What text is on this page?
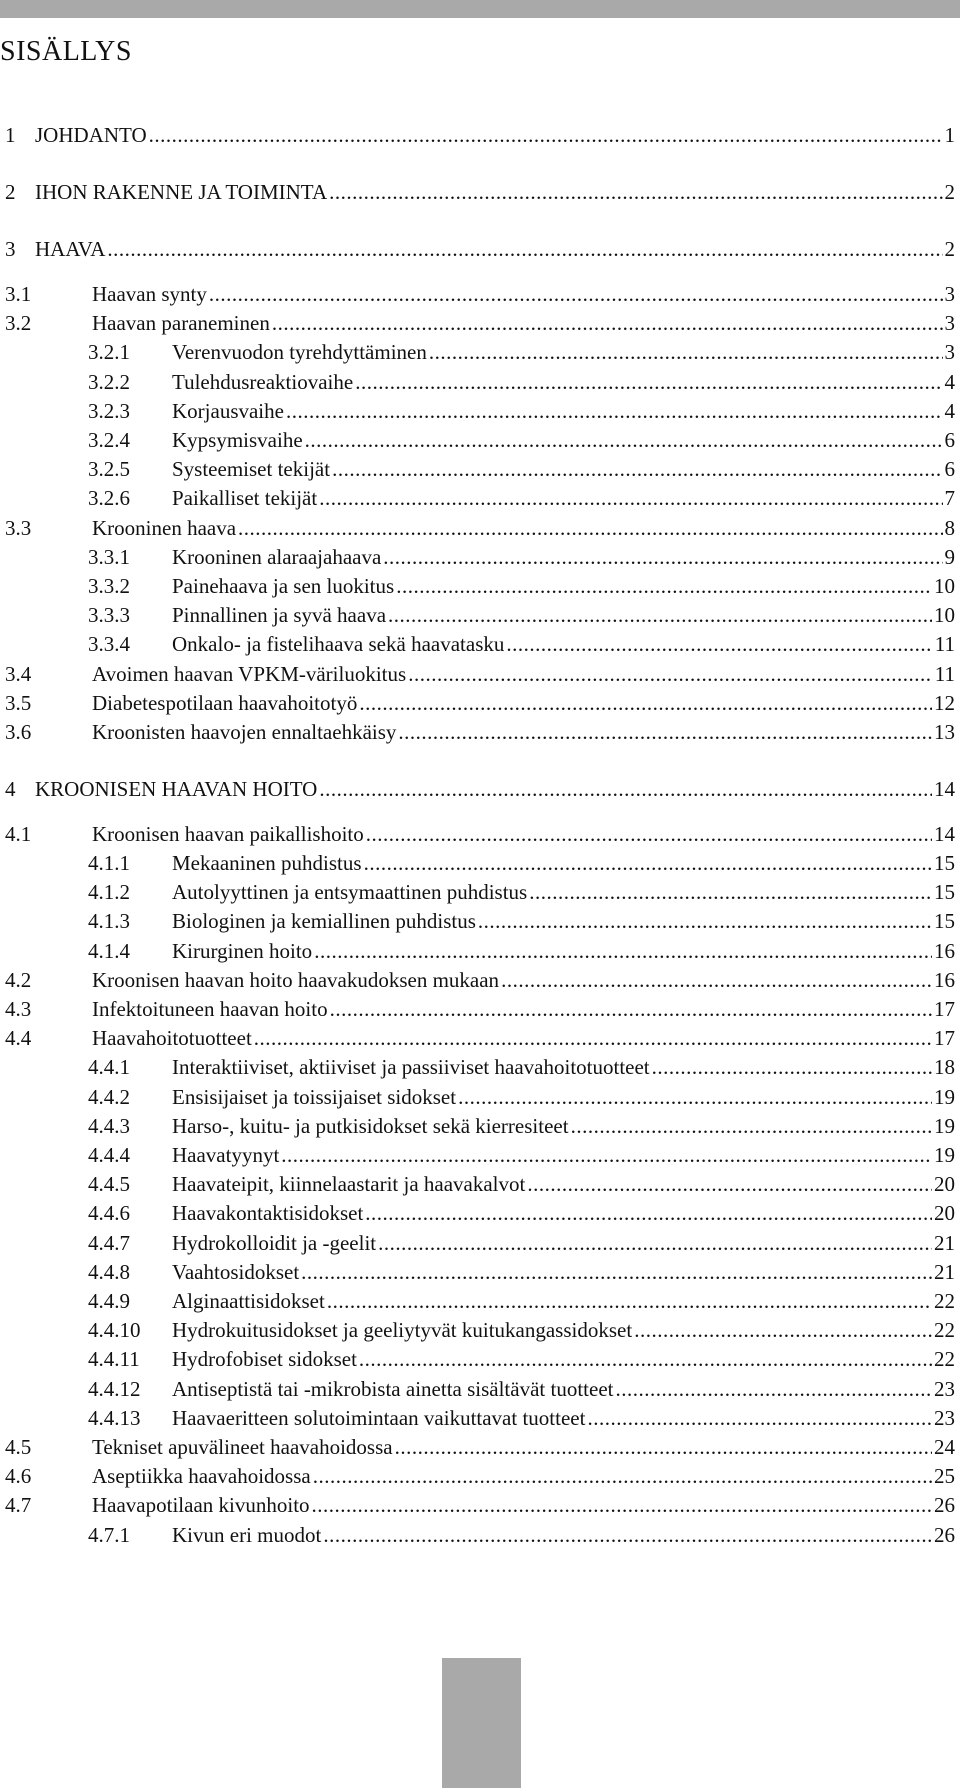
SISÄLLYS
1 JOHDANTO .....	1
2 IHON RAKENNE JA TOIMINTA .....	2
3 HAAVA .....	2
3.1	Haavan synty .....	3
3.2	Haavan paraneminen .....	3
3.2.1	Verenvuodon tyrehdyttäminen .....	3
3.2.2	Tulehdusreaktiovaihe .....	4
3.2.3	Korjausvaihe .....	4
3.2.4	Kypsymisvaihe .....	6
3.2.5	Systeemiset tekijät .....	6
3.2.6	Paikalliset tekijät .....	7
3.3	Krooninen haava .....	8
3.3.1	Krooninen alaraajahaava .....	9
3.3.2	Painehaava ja sen luokitus .....	10
3.3.3	Pinnallinen ja syvä haava .....	10
3.3.4	Onkalo- ja fistelihaava sekä haavatasku .....	11
3.4	Avoimen haavan VPKM-väriluokitus .....	11
3.5	Diabetespotilaan haavahoitotyö .....	12
3.6	Kroonisten haavojen ennaltaehkäisy .....	13
4 KROONISEN HAAVAN HOITO .....	14
4.1	Kroonisen haavan paikallishoito .....	14
4.1.1	Mekaaninen puhdistus .....	15
4.1.2	Autolyyttinen ja entsymaattinen puhdistus .....	15
4.1.3	Biologinen ja kemiallinen puhdistus .....	15
4.1.4	Kirurginen hoito .....	16
4.2	Kroonisen haavan hoito haavakudoksen mukaan .....	16
4.3	Infektoituneen haavan hoito .....	17
4.4	Haavahoitotuotteet .....	17
4.4.1	Interaktiiviset, aktiiviset ja passiiviset haavahoitotuotteet .....	18
4.4.2	Ensisijaiset ja toissijaiset sidokset .....	19
4.4.3	Harso-, kuitu- ja putkisidokset sekä kierresiteet .....	19
4.4.4	Haavatyynyt .....	19
4.4.5	Haavateipit, kiinnelaastarit ja haavakalvot .....	20
4.4.6	Haavakontaktisidokset .....	20
4.4.7	Hydrokolloidit ja -geelit .....	21
4.4.8	Vaahtosidokset .....	21
4.4.9	Alginaattisidokset .....	22
4.4.10	Hydrokuitusidokset ja geeliytyvät kuitukangassidokset .....	22
4.4.11	Hydrofobiset sidokset .....	22
4.4.12	Antiseptistä tai -mikrobista ainetta sisältävät tuotteet .....	23
4.4.13	Haavaeritteen solutoimintaan vaikuttavat tuotteet .....	23
4.5	Tekniset apuvälineet haavahoidossa .....	24
4.6	Aseptiikka haavahoidossa .....	25
4.7	Haavapotilaan kivunhoito .....	26
4.7.1	Kivun eri muodot .....	26
